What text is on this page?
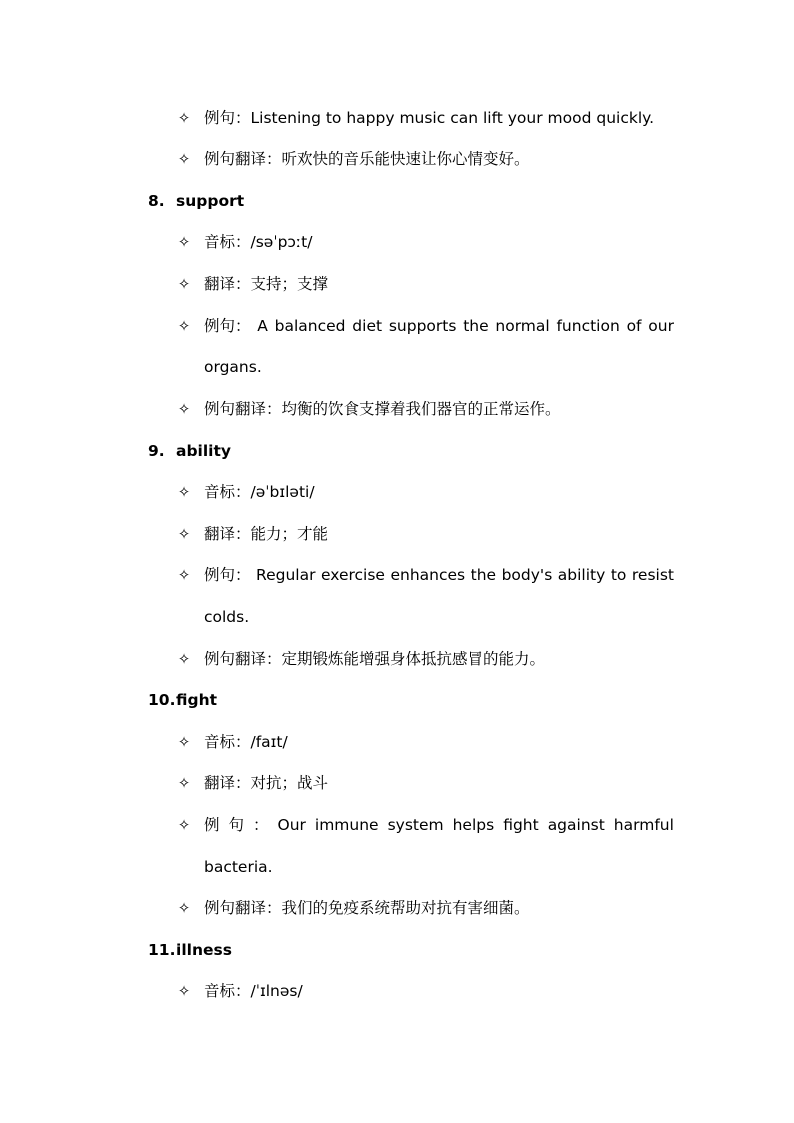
✧ 例句：Listening to happy music can lift your mood quickly.
✧ 例句翻译：听欢快的音乐能快速让你心情变好。
8. support
✧ 音标：/səˈpɔːt/
✧ 翻译：支持；支撑
✧ 例句： A balanced diet supports the normal function of our
organs.
✧ 例句翻译：均衡的饮食支撑着我们器官的正常运作。
9. ability
✧ 音标：/əˈbɪləti/
✧ 翻译：能力；才能
✧ 例句： Regular exercise enhances the body's ability to resist
colds.
✧ 例句翻译：定期锻炼能增强身体抵抗感冒的能力。
10.fight
✧ 音标：/faɪt/
✧ 翻译：对抗；战斗
✧ 例 句 ： Our immune system helps fight against harmful
bacteria.
✧ 例句翻译：我们的免疫系统帮助对抗有害细菌。
11.illness
✧ 音标：/ˈɪlnəs/
